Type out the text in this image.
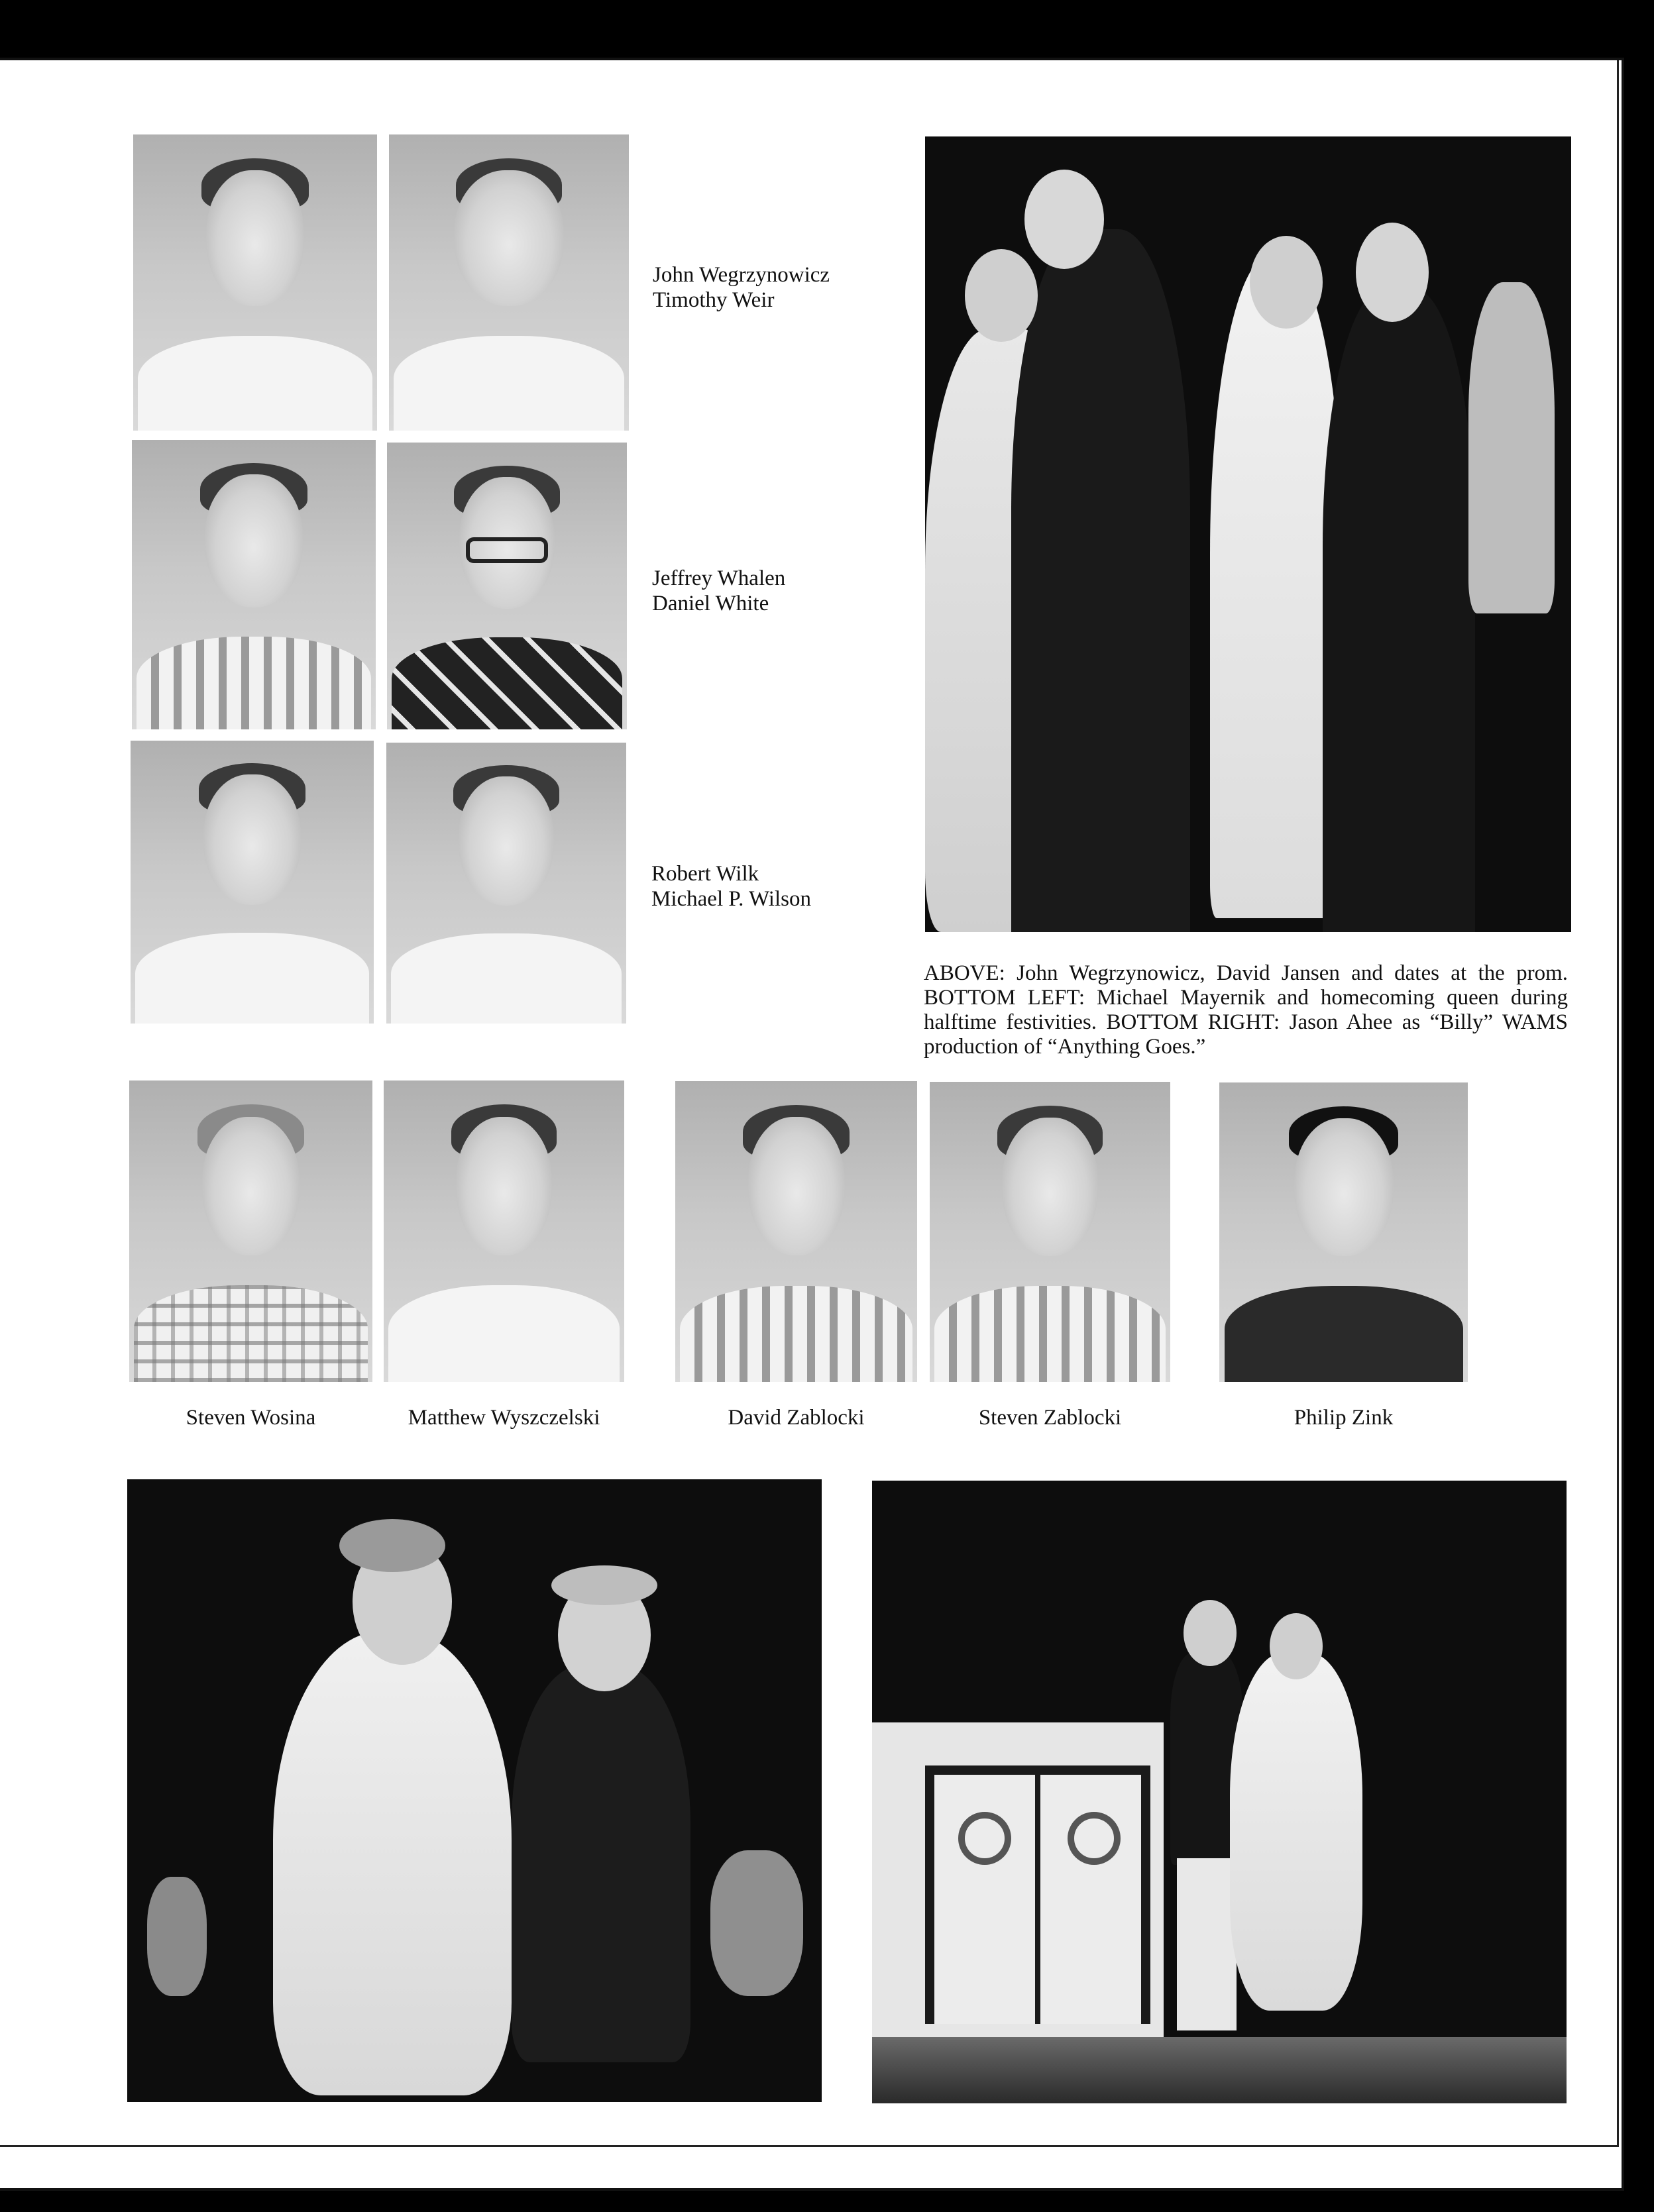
John Wegrzynowicz
Timothy Weir
Jeffrey Whalen
Daniel White
Robert Wilk
Michael P. Wilson
ABOVE: John Wegrzynowicz, David Jansen and dates at the prom. BOTTOM LEFT: Michael Mayernik and homecoming queen during halftime festivities. BOTTOM RIGHT: Jason Ahee as “Billy” WAMS production of “Anything Goes.”
Steven Wosina	Matthew Wyszczelski	David Zablocki	Steven Zablocki	Philip Zink
